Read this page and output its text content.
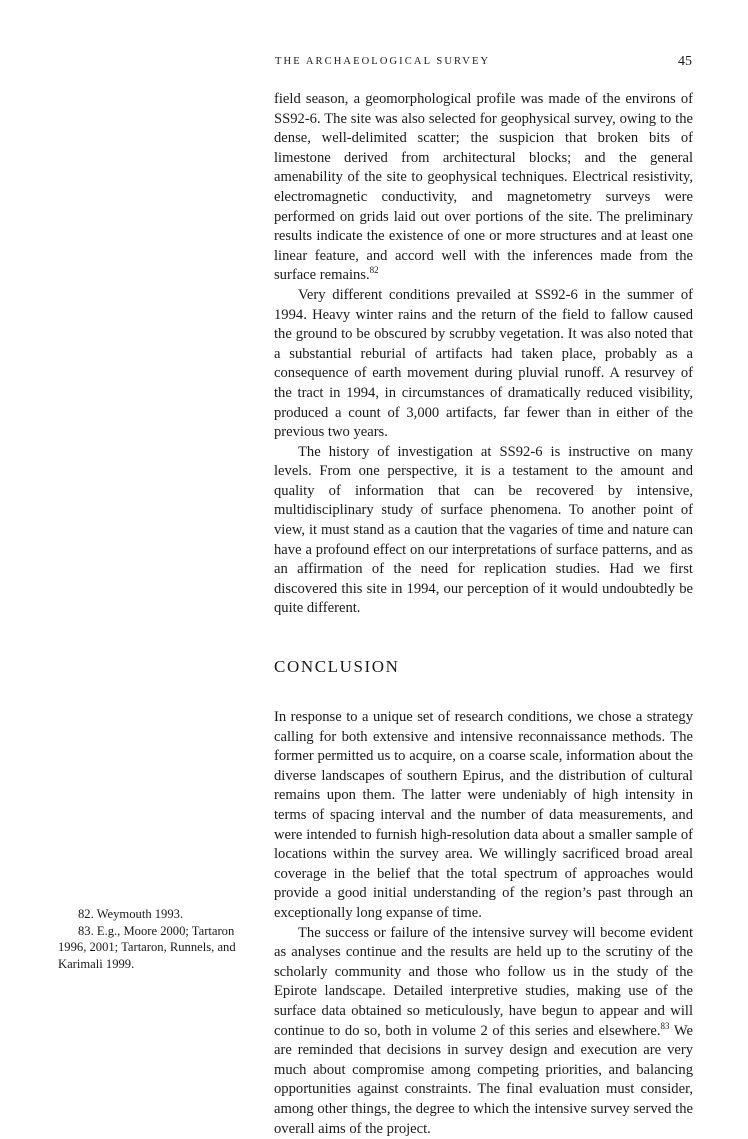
THE ARCHAEOLOGICAL SURVEY	45

field season, a geomorphological profile was made of the environs of SS92-6. The site was also selected for geophysical survey, owing to the dense, well-delimited scatter; the suspicion that broken bits of limestone derived from architectural blocks; and the general amenability of the site to geophysical techniques. Electrical resistivity, electromagnetic conductivity, and magnetometry surveys were performed on grids laid out over portions of the site. The preliminary results indicate the existence of one or more structures and at least one linear feature, and accord well with the inferences made from the surface remains.$^{82}$

Very different conditions prevailed at SS92-6 in the summer of 1994. Heavy winter rains and the return of the field to fallow caused the ground to be obscured by scrubby vegetation. It was also noted that a substantial reburial of artifacts had taken place, probably as a consequence of earth movement during pluvial runoff. A resurvey of the tract in 1994, in circumstances of dramatically reduced visibility, produced a count of 3,000 artifacts, far fewer than in either of the previous two years.

The history of investigation at SS92-6 is instructive on many levels. From one perspective, it is a testament to the amount and quality of information that can be recovered by intensive, multidisciplinary study of surface phenomena. To another point of view, it must stand as a caution that the vagaries of time and nature can have a profound effect on our interpretations of surface patterns, and as an affirmation of the need for replication studies. Had we first discovered this site in 1994, our perception of it would undoubtedly be quite different.

CONCLUSION

In response to a unique set of research conditions, we chose a strategy calling for both extensive and intensive reconnaissance methods. The former permitted us to acquire, on a coarse scale, information about the diverse landscapes of southern Epirus, and the distribution of cultural remains upon them. The latter were undeniably of high intensity in terms of spacing interval and the number of data measurements, and were intended to furnish high-resolution data about a smaller sample of locations within the survey area. We willingly sacrificed broad areal coverage in the belief that the total spectrum of approaches would provide a good initial understanding of the region’s past through an exceptionally long expanse of time.

The success or failure of the intensive survey will become evident as analyses continue and the results are held up to the scrutiny of the scholarly community and those who follow us in the study of the Epirote landscape. Detailed interpretive studies, making use of the surface data obtained so meticulously, have begun to appear and will continue to do so, both in volume 2 of this series and elsewhere.$^{83}$ We are reminded that decisions in survey design and execution are very much about compromise among competing priorities, and balancing opportunities against constraints. The final evaluation must consider, among other things, the degree to which the intensive survey served the overall aims of the project.

82. Weymouth 1993.

83. E.g., Moore 2000; Tartaron 1996, 2001; Tartaron, Runnels, and Karimali 1999.
